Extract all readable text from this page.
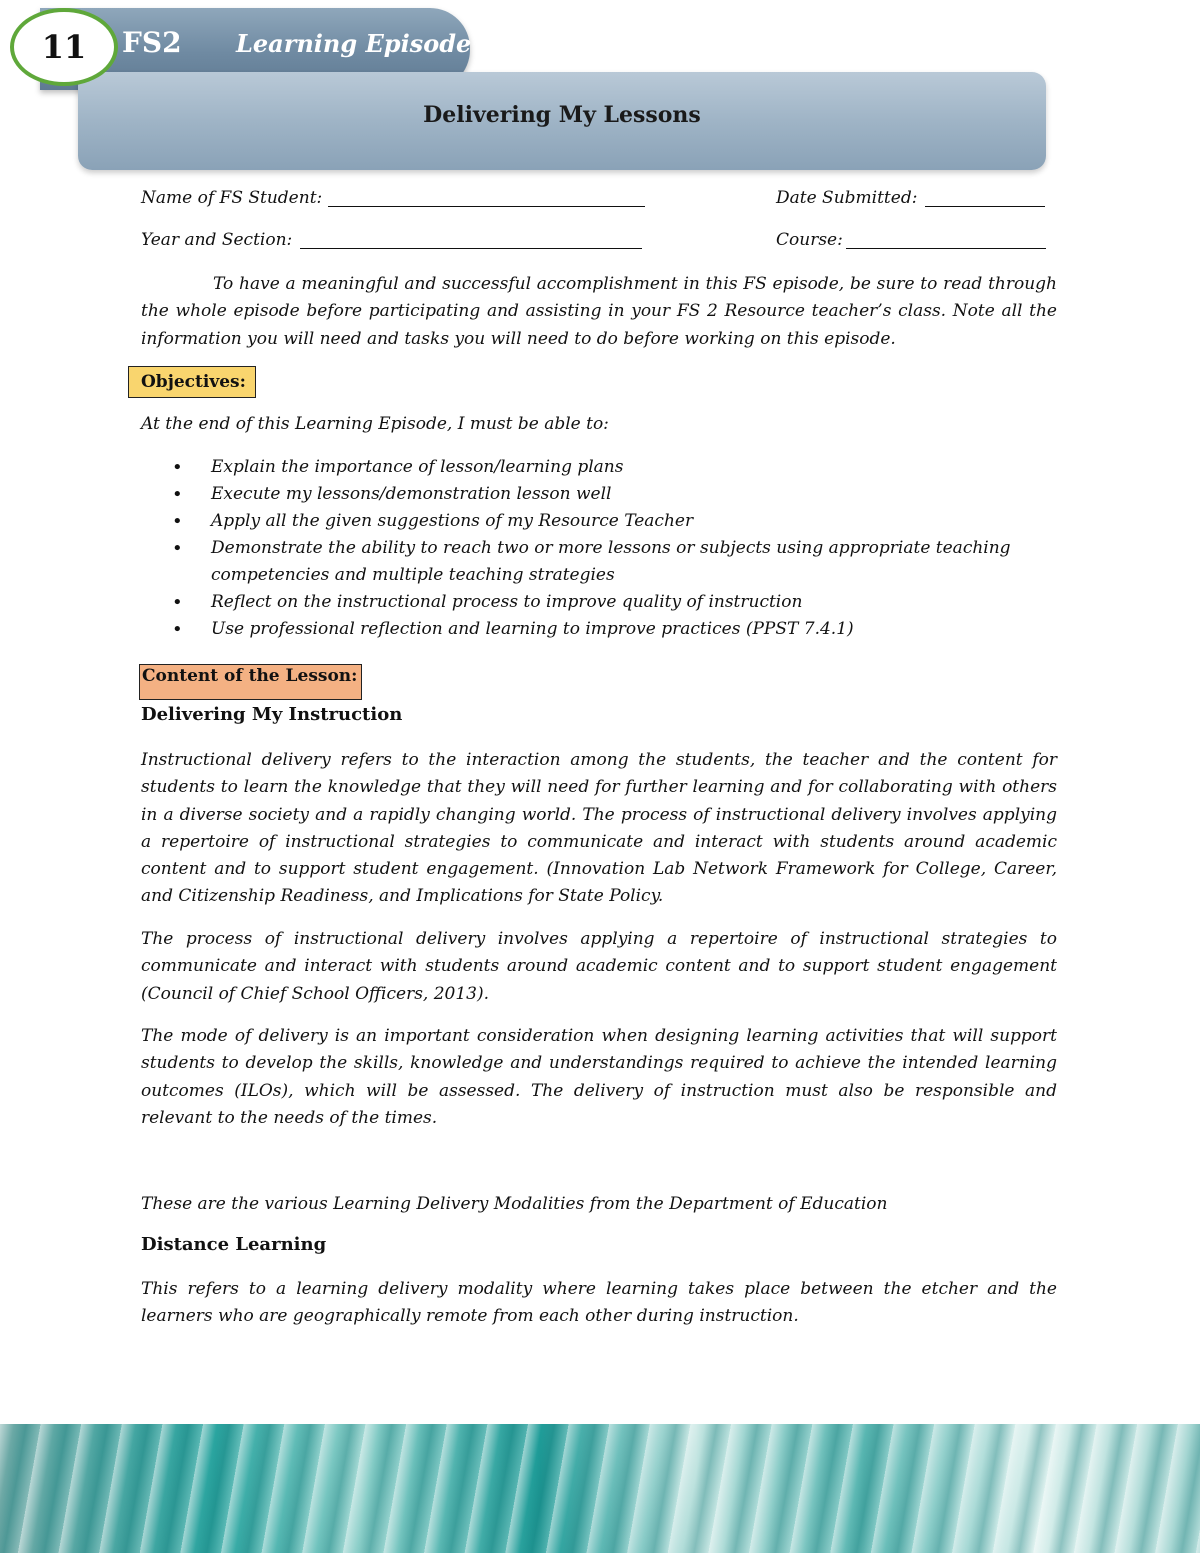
11	FS2 Learning Episode
Delivering My Lessons
Name of FS Student:	Date Submitted:
Year and Section:	Course:
To have a meaningful and successful accomplishment in this FS episode, be sure to read through the whole episode before participating and assisting in your FS 2 Resource teacher’s class. Note all the information you will need and tasks you will need to do before working on this episode.
Objectives:
At the end of this Learning Episode, I must be able to:
• Explain the importance of lesson/learning plans
• Execute my lessons/demonstration lesson well
• Apply all the given suggestions of my Resource Teacher
• Demonstrate the ability to reach two or more lessons or subjects using appropriate teaching competencies and multiple teaching strategies
• Reflect on the instructional process to improve quality of instruction
• Use professional reflection and learning to improve practices (PPST 7.4.1)
Content of the Lesson:
Delivering My Instruction
Instructional delivery refers to the interaction among the students, the teacher and the content for students to learn the knowledge that they will need for further learning and for collaborating with others in a diverse society and a rapidly changing world. The process of instructional delivery involves applying a repertoire of instructional strategies to communicate and interact with students around academic content and to support student engagement. (Innovation Lab Network Framework for College, Career, and Citizenship Readiness, and Implications for State Policy.
The process of instructional delivery involves applying a repertoire of instructional strategies to communicate and interact with students around academic content and to support student engagement (Council of Chief School Officers, 2013).
The mode of delivery is an important consideration when designing learning activities that will support students to develop the skills, knowledge and understandings required to achieve the intended learning outcomes (ILOs), which will be assessed. The delivery of instruction must also be responsible and relevant to the needs of the times.
These are the various Learning Delivery Modalities from the Department of Education
Distance Learning
This refers to a learning delivery modality where learning takes place between the etcher and the learners who are geographically remote from each other during instruction.
